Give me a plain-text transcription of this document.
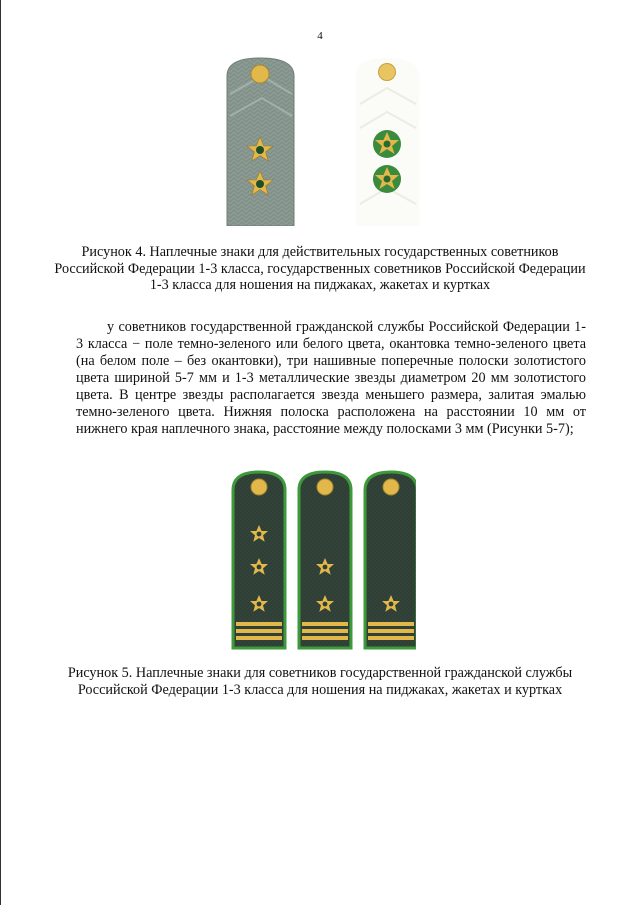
4
Рисунок 4. Наплечные знаки для действительных государственных советников Российской Федерации 1-3 класса, государственных советников Российской Федерации 1-3 класса для ношения на пиджаках, жакетах и куртках

у советников государственной гражданской службы Российской Федерации 1-3 класса − поле темно-зеленого или белого цвета, окантовка темно-зеленого цвета (на белом поле – без окантовки), три нашивные поперечные полоски золотистого цвета шириной 5-7 мм и 1-3 металлические звезды диаметром 20 мм золотистого цвета. В центре звезды располагается звезда меньшего размера, залитая эмалью темно-зеленого цвета. Нижняя полоска расположена на расстоянии 10 мм от нижнего края наплечного знака, расстояние между полосками 3 мм (Рисунки 5-7);

Рисунок 5. Наплечные знаки для советников государственной гражданской службы Российской Федерации 1-3 класса для ношения на пиджаках, жакетах и куртках
